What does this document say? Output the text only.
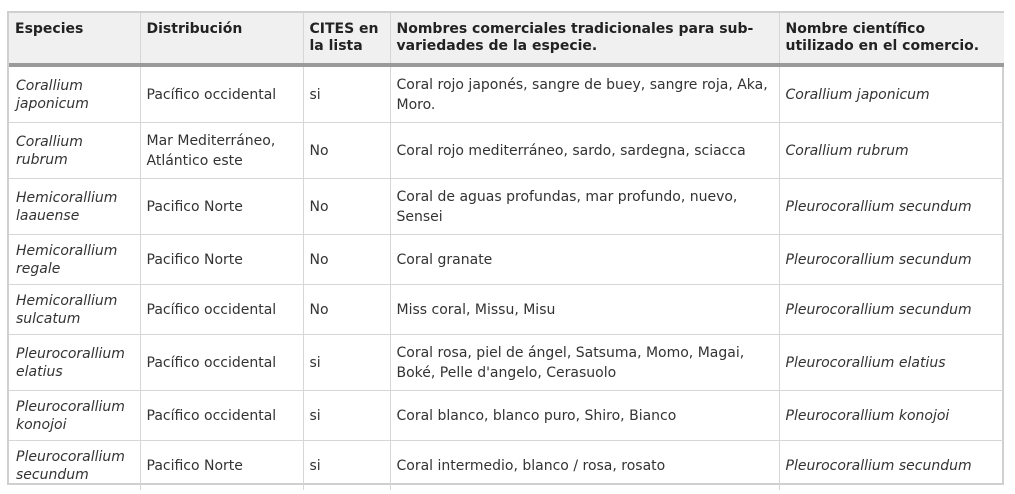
Especies	Distribución	CITES en la lista	Nombres comerciales tradicionales para sub-variedades de la especie.	Nombre científico utilizado en el comercio.
Corallium japonicum	Pacífico occidental	si	Coral rojo japonés, sangre de buey, sangre roja, Aka, Moro.	Corallium japonicum
Corallium rubrum	Mar Mediterráneo, Atlántico este	No	Coral rojo mediterráneo, sardo, sardegna, sciacca	Corallium rubrum
Hemicorallium laauense	Pacifico Norte	No	Coral de aguas profundas, mar profundo, nuevo, Sensei	Pleurocorallium secundum
Hemicorallium regale	Pacifico Norte	No	Coral granate	Pleurocorallium secundum
Hemicorallium sulcatum	Pacífico occidental	No	Miss coral, Missu, Misu	Pleurocorallium secundum
Pleurocorallium elatius	Pacífico occidental	si	Coral rosa, piel de ángel, Satsuma, Momo, Magai, Boké, Pelle d'angelo, Cerasuolo	Pleurocorallium elatius
Pleurocorallium konojoi	Pacífico occidental	si	Coral blanco, blanco puro, Shiro, Bianco	Pleurocorallium konojoi
Pleurocorallium secundum	Pacifico Norte	si	Coral intermedio, blanco / rosa, rosato	Pleurocorallium secundum
